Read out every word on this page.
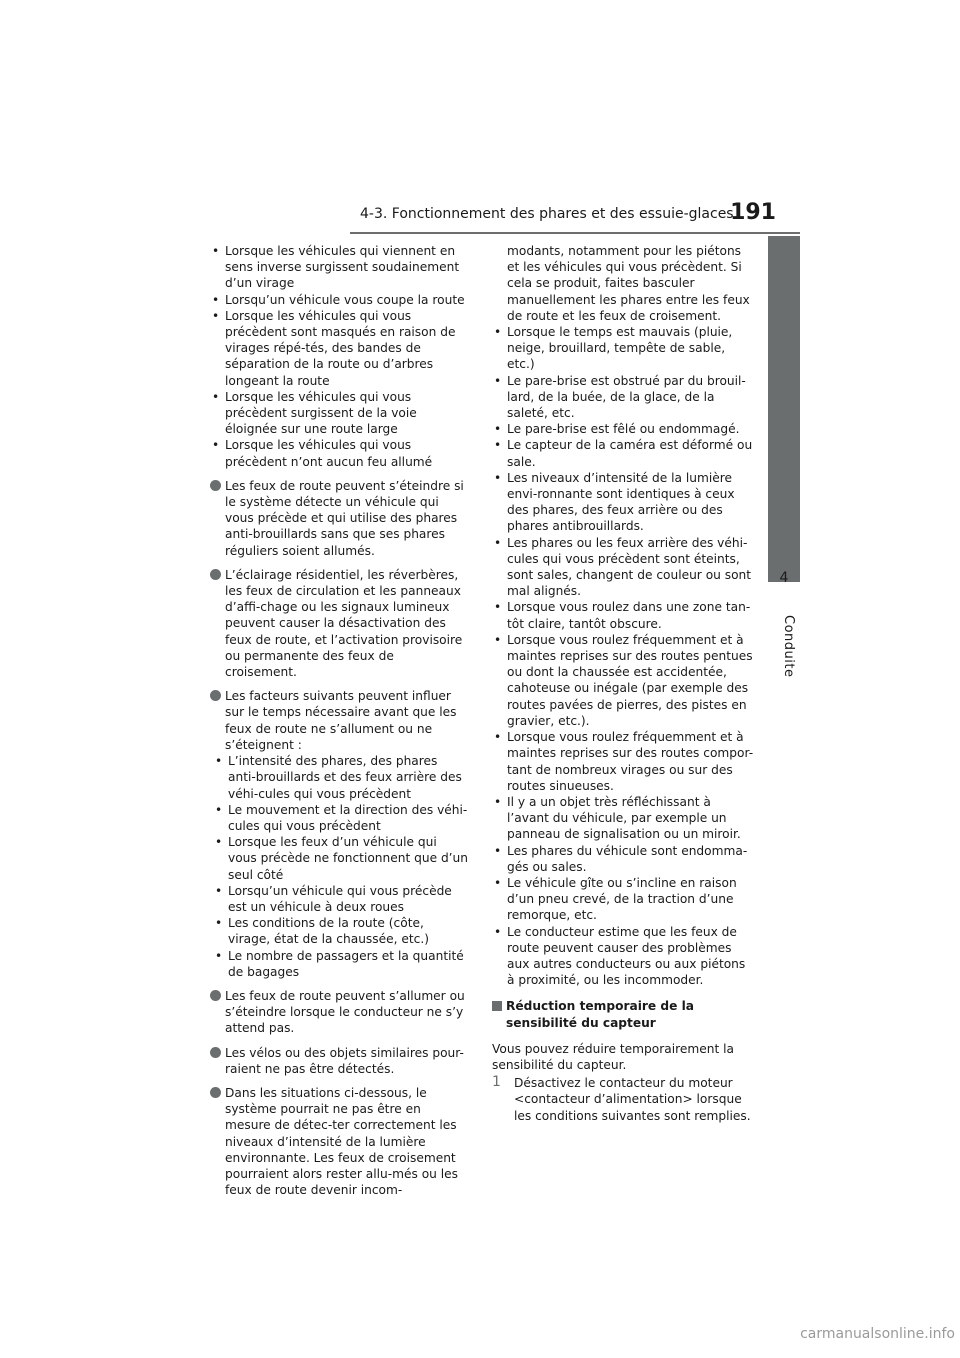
4-3. Fonctionnement des phares et des essuie-glaces
191
4
Conduite
• Lorsque les véhicules qui viennent en sens inverse surgissent soudainement d’un virage
• Lorsqu’un véhicule vous coupe la route
• Lorsque les véhicules qui vous précèdent sont masqués en raison de virages répé-tés, des bandes de séparation de la route ou d’arbres longeant la route
• Lorsque les véhicules qui vous précèdent surgissent de la voie éloignée sur une route large
• Lorsque les véhicules qui vous précèdent n’ont aucun feu allumé
Les feux de route peuvent s’éteindre si le système détecte un véhicule qui vous précède et qui utilise des phares anti-brouillards sans que ses phares réguliers soient allumés.
L’éclairage résidentiel, les réverbères, les feux de circulation et les panneaux d’affi-chage ou les signaux lumineux peuvent causer la désactivation des feux de route, et l’activation provisoire ou permanente des feux de croisement.
Les facteurs suivants peuvent influer sur le temps nécessaire avant que les feux de route ne s’allument ou ne s’éteignent :
• L’intensité des phares, des phares anti-brouillards et des feux arrière des véhi-cules qui vous précèdent
• Le mouvement et la direction des véhi-cules qui vous précèdent
• Lorsque les feux d’un véhicule qui vous précède ne fonctionnent que d’un seul côté
• Lorsqu’un véhicule qui vous précède est un véhicule à deux roues
• Les conditions de la route (côte, virage, état de la chaussée, etc.)
• Le nombre de passagers et la quantité de bagages
Les feux de route peuvent s’allumer ou s’éteindre lorsque le conducteur ne s’y attend pas.
Les vélos ou des objets similaires pour-raient ne pas être détectés.
Dans les situations ci-dessous, le système pourrait ne pas être en mesure de détec-ter correctement les niveaux d’intensité de la lumière environnante. Les feux de croisement pourraient alors rester allu-més ou les feux de route devenir incom-
modants, notamment pour les piétons et les véhicules qui vous précèdent. Si cela se produit, faites basculer manuellement les phares entre les feux de route et les feux de croisement.
• Lorsque le temps est mauvais (pluie, neige, brouillard, tempête de sable, etc.)
• Le pare-brise est obstrué par du brouil-lard, de la buée, de la glace, de la saleté, etc.
• Le pare-brise est fêlé ou endommagé.
• Le capteur de la caméra est déformé ou sale.
• Les niveaux d’intensité de la lumière envi-ronnante sont identiques à ceux des phares, des feux arrière ou des phares antibrouillards.
• Les phares ou les feux arrière des véhi-cules qui vous précèdent sont éteints, sont sales, changent de couleur ou sont mal alignés.
• Lorsque vous roulez dans une zone tan-tôt claire, tantôt obscure.
• Lorsque vous roulez fréquemment et à maintes reprises sur des routes pentues ou dont la chaussée est accidentée, cahoteuse ou inégale (par exemple des routes pavées de pierres, des pistes en gravier, etc.).
• Lorsque vous roulez fréquemment et à maintes reprises sur des routes compor-tant de nombreux virages ou sur des routes sinueuses.
• Il y a un objet très réfléchissant à l’avant du véhicule, par exemple un panneau de signalisation ou un miroir.
• Les phares du véhicule sont endomma-gés ou sales.
• Le véhicule gîte ou s’incline en raison d’un pneu crevé, de la traction d’une remorque, etc.
• Le conducteur estime que les feux de route peuvent causer des problèmes aux autres conducteurs ou aux piétons à proximité, ou les incommoder.
Réduction temporaire de la sensibilité du capteur
Vous pouvez réduire temporairement la sensibilité du capteur.
1 Désactivez le contacteur du moteur <contacteur d’alimentation> lorsque les conditions suivantes sont remplies.
carmanualsonline.info
